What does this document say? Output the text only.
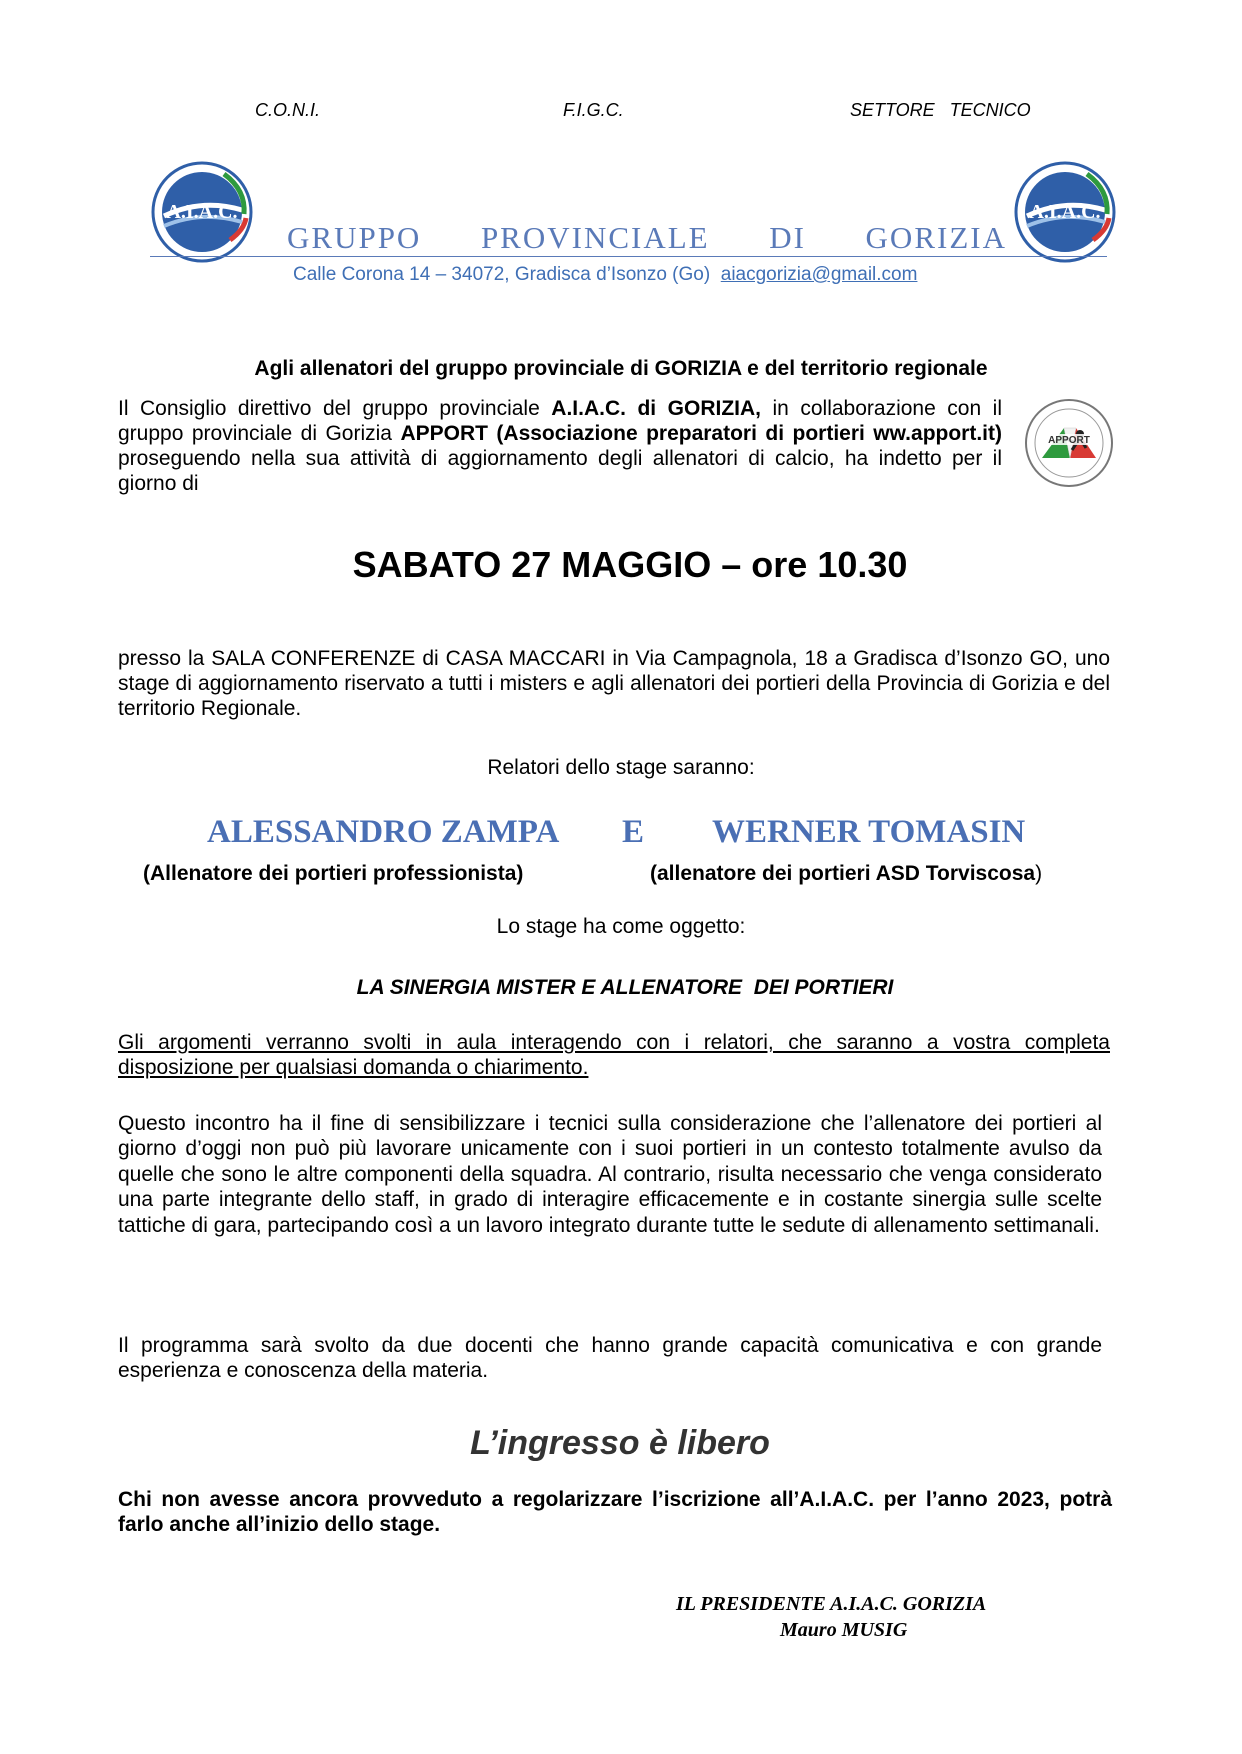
C.O.N.I.	F.I.G.C.	SETTORE   TECNICO
A.I.A.C.	A.I.A.C.
GRUPPO PROVINCIALE DI GORIZIA
Calle Corona 14 – 34072, Gradisca d’Isonzo (Go) aiacgorizia@gmail.com
Agli allenatori del gruppo provinciale di GORIZIA e del territorio regionale
Il Consiglio direttivo del gruppo provinciale A.I.A.C. di GORIZIA, in collaborazione con il gruppo provinciale di Gorizia APPORT (Associazione preparatori di portieri ww.apport.it) proseguendo nella sua attività di aggiornamento degli allenatori di calcio, ha indetto per il giorno di
APPORT
SABATO 27 MAGGIO – ore 10.30
presso la SALA CONFERENZE di CASA MACCARI in Via Campagnola, 18 a Gradisca d’Isonzo GO, uno stage di aggiornamento riservato a tutti i misters e agli allenatori dei portieri della Provincia di Gorizia e del territorio Regionale.
Relatori dello stage saranno:
ALESSANDRO ZAMPA E WERNER TOMASIN
(Allenatore dei portieri professionista)	(allenatore dei portieri ASD Torviscosa)
Lo stage ha come oggetto:
LA SINERGIA MISTER E ALLENATORE  DEI PORTIERI
Gli argomenti verranno svolti in aula interagendo con i relatori, che saranno a vostra completa disposizione per qualsiasi domanda o chiarimento.
Questo incontro ha il fine di sensibilizzare i tecnici sulla considerazione che l’allenatore dei portieri al giorno d’oggi non può più lavorare unicamente con i suoi portieri in un contesto totalmente avulso da quelle che sono le altre componenti della squadra. Al contrario, risulta necessario che venga considerato una parte integrante dello staff, in grado di interagire efficacemente e in costante sinergia sulle scelte tattiche di gara, partecipando così a un lavoro integrato durante tutte le sedute di allenamento settimanali.
Il programma sarà svolto da due docenti che hanno grande capacità comunicativa e con grande esperienza e conoscenza della materia.
L’ingresso è libero
Chi non avesse ancora provveduto a regolarizzare l’iscrizione all’A.I.A.C. per l’anno 2023, potrà farlo anche all’inizio dello stage.
IL PRESIDENTE A.I.A.C. GORIZIA
Mauro MUSIG
